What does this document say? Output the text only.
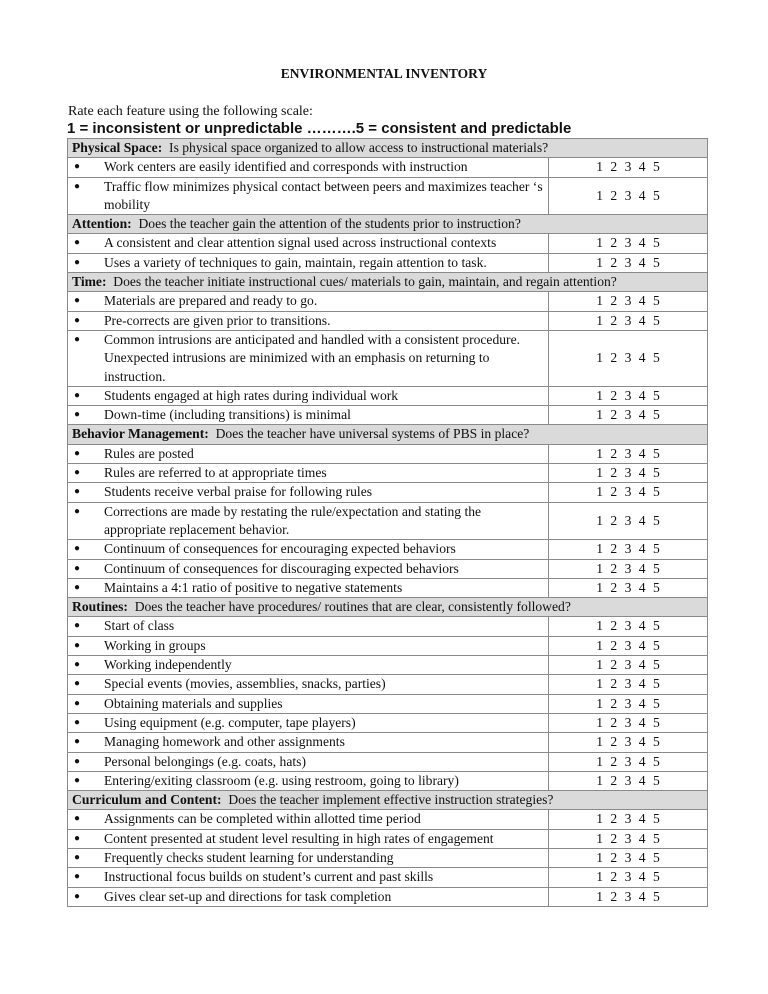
ENVIRONMENTAL INVENTORY
Rate each feature using the following scale:
1 = inconsistent or unpredictable ……….5 = consistent and predictable
Physical Space:  Is physical space organized to allow access to instructional materials?	
● Work centers are easily identified and corresponds with instruction	1 2 3 4 5
● Traffic flow minimizes physical contact between peers and maximizes teacher ‘s mobility	1 2 3 4 5
Attention:  Does the teacher gain the attention of the students prior to instruction?	
● A consistent and clear attention signal used across instructional contexts	1 2 3 4 5
● Uses a variety of techniques to gain, maintain, regain attention to task.	1 2 3 4 5
Time:  Does the teacher initiate instructional cues/ materials to gain, maintain, and regain attention?	
● Materials are prepared and ready to go.	1 2 3 4 5
● Pre-corrects are given prior to transitions.	1 2 3 4 5
● Common intrusions are anticipated and handled with a consistent procedure. Unexpected intrusions are minimized with an emphasis on returning to instruction.	1 2 3 4 5
● Students engaged at high rates during individual work	1 2 3 4 5
● Down-time (including transitions) is minimal	1 2 3 4 5
Behavior Management:  Does the teacher have universal systems of PBS in place?	
● Rules are posted	1 2 3 4 5
● Rules are referred to at appropriate times	1 2 3 4 5
● Students receive verbal praise for following rules	1 2 3 4 5
● Corrections are made by restating the rule/expectation and stating the appropriate replacement behavior.	1 2 3 4 5
● Continuum of consequences for encouraging expected behaviors	1 2 3 4 5
● Continuum of consequences for discouraging expected behaviors	1 2 3 4 5
● Maintains a 4:1 ratio of positive to negative statements	1 2 3 4 5
Routines:  Does the teacher have procedures/ routines that are clear, consistently followed?	
● Start of class	1 2 3 4 5
● Working in groups	1 2 3 4 5
● Working independently	1 2 3 4 5
● Special events (movies, assemblies, snacks, parties)	1 2 3 4 5
● Obtaining materials and supplies	1 2 3 4 5
● Using equipment (e.g. computer, tape players)	1 2 3 4 5
● Managing homework and other assignments	1 2 3 4 5
● Personal belongings (e.g. coats, hats)	1 2 3 4 5
● Entering/exiting classroom (e.g. using restroom, going to library)	1 2 3 4 5
Curriculum and Content:  Does the teacher implement effective instruction strategies?	
● Assignments can be completed within allotted time period	1 2 3 4 5
● Content presented at student level resulting in high rates of engagement	1 2 3 4 5
● Frequently checks student learning for understanding	1 2 3 4 5
● Instructional focus builds on student’s current and past skills	1 2 3 4 5
● Gives clear set-up and directions for task completion	1 2 3 4 5
